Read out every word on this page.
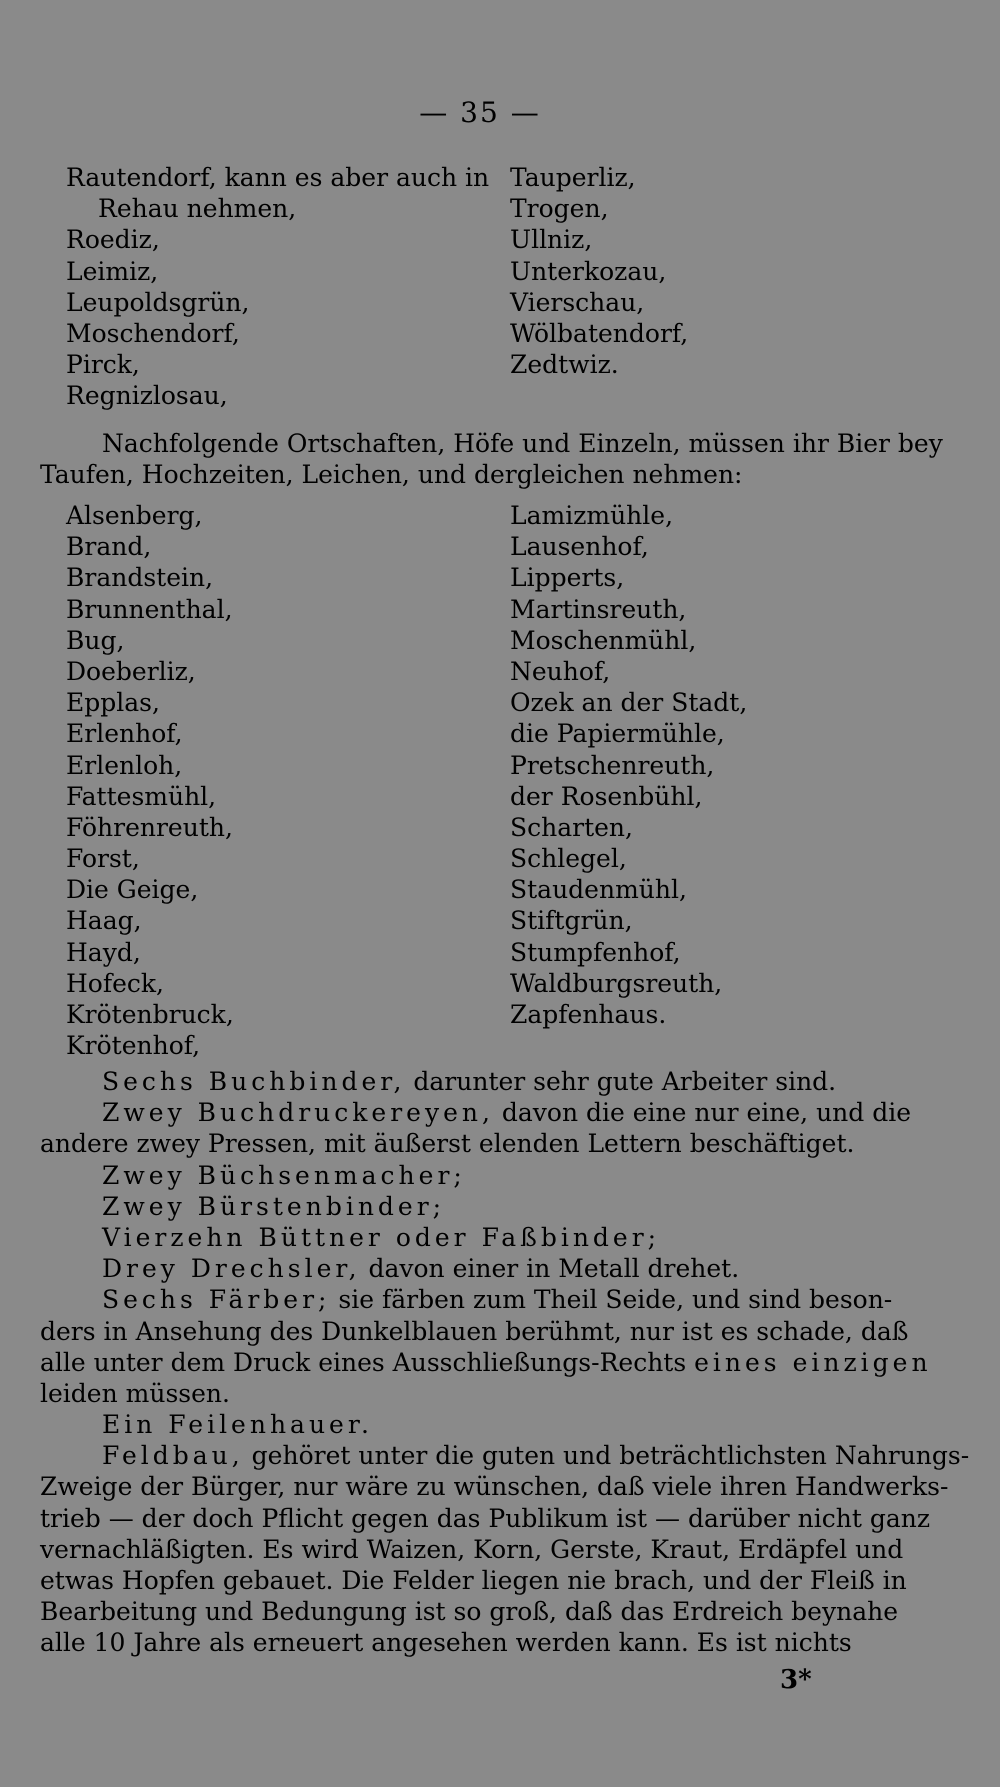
— 35 —
Rautendorf, kann es aber auch in
Rehau nehmen,
Roediz,
Leimiz,
Leupoldsgrün,
Moschendorf,
Pirck,
Regnizlosau,
Tauperliz,
Trogen,
Ullniz,
Unterkozau,
Vierschau,
Wölbatendorf,
Zedtwiz.
Nachfolgende Ortschaften, Höfe und Einzeln, müssen ihr Bier bey
Taufen, Hochzeiten, Leichen, und dergleichen nehmen:
Alsenberg,
Brand,
Brandstein,
Brunnenthal,
Bug,
Doeberliz,
Epplas,
Erlenhof,
Erlenloh,
Fattesmühl,
Föhrenreuth,
Forst,
Die Geige,
Haag,
Hayd,
Hofeck,
Krötenbruck,
Krötenhof,
Lamizmühle,
Lausenhof,
Lipperts,
Martinsreuth,
Moschenmühl,
Neuhof,
Ozek an der Stadt,
die Papiermühle,
Pretschenreuth,
der Rosenbühl,
Scharten,
Schlegel,
Staudenmühl,
Stiftgrün,
Stumpfenhof,
Waldburgsreuth,
Zapfenhaus.
Sechs Buchbinder, darunter sehr gute Arbeiter sind.
Zwey Buchdruckereyen, davon die eine nur eine, und die
andere zwey Pressen, mit äußerst elenden Lettern beschäftiget.
Zwey Büchsenmacher;
Zwey Bürstenbinder;
Vierzehn Büttner oder Faßbinder;
Drey Drechsler, davon einer in Metall drehet.
Sechs Färber; sie färben zum Theil Seide, und sind beson-
ders in Ansehung des Dunkelblauen berühmt, nur ist es schade, daß
alle unter dem Druck eines Ausschließungs-Rechts eines einzigen
leiden müssen.
Ein Feilenhauer.
Feldbau, gehöret unter die guten und beträchtlichsten Nahrungs-
Zweige der Bürger, nur wäre zu wünschen, daß viele ihren Handwerks-
trieb — der doch Pflicht gegen das Publikum ist — darüber nicht ganz
vernachläßigten. Es wird Waizen, Korn, Gerste, Kraut, Erdäpfel und
etwas Hopfen gebauet. Die Felder liegen nie brach, und der Fleiß in
Bearbeitung und Bedungung ist so groß, daß das Erdreich beynahe
alle 10 Jahre als erneuert angesehen werden kann. Es ist nichts
3*
